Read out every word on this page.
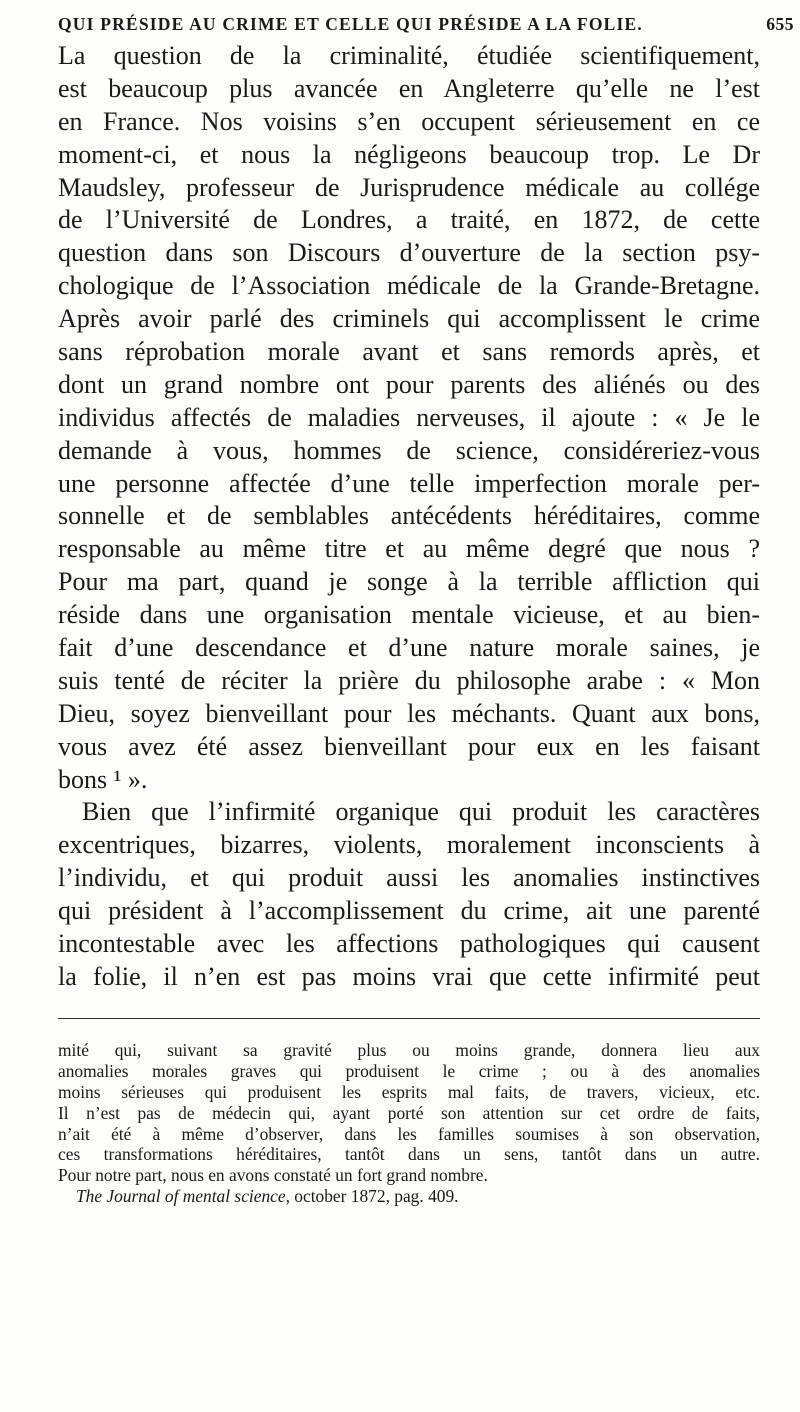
QUI PRÉSIDE AU CRIME ET CELLE QUI PRÉSIDE A LA FOLIE.	655
La question de la criminalité, étudiée scientifiquement,
est beaucoup plus avancée en Angleterre qu’elle ne l’est
en France. Nos voisins s’en occupent sérieusement en ce
moment-ci, et nous la négligeons beaucoup trop. Le Dr
Maudsley, professeur de Jurisprudence médicale au collége
de l’Université de Londres, a traité, en 1872, de cette
question dans son Discours d’ouverture de la section psy-
chologique de l’Association médicale de la Grande-Bretagne.
Après avoir parlé des criminels qui accomplissent le crime
sans réprobation morale avant et sans remords après, et
dont un grand nombre ont pour parents des aliénés ou des
individus affectés de maladies nerveuses, il ajoute : « Je le
demande à vous, hommes de science, considéreriez-vous
une personne affectée d’une telle imperfection morale per-
sonnelle et de semblables antécédents héréditaires, comme
responsable au même titre et au même degré que nous ?
Pour ma part, quand je songe à la terrible affliction qui
réside dans une organisation mentale vicieuse, et au bien-
fait d’une descendance et d’une nature morale saines, je
suis tenté de réciter la prière du philosophe arabe : « Mon
Dieu, soyez bienveillant pour les méchants. Quant aux bons,
vous avez été assez bienveillant pour eux en les faisant
bons ¹ ».
Bien que l’infirmité organique qui produit les caractères
excentriques, bizarres, violents, moralement inconscients à
l’individu, et qui produit aussi les anomalies instinctives
qui président à l’accomplissement du crime, ait une parenté
incontestable avec les affections pathologiques qui causent
la folie, il n’en est pas moins vrai que cette infirmité peut
mité qui, suivant sa gravité plus ou moins grande, donnera lieu aux
anomalies morales graves qui produisent le crime ; ou à des anomalies
moins sérieuses qui produisent les esprits mal faits, de travers, vicieux, etc.
Il n’est pas de médecin qui, ayant porté son attention sur cet ordre de faits,
n’ait été à même d’observer, dans les familles soumises à son observation,
ces transformations héréditaires, tantôt dans un sens, tantôt dans un autre.
Pour notre part, nous en avons constaté un fort grand nombre.
The Journal of mental science, october 1872, pag. 409.
